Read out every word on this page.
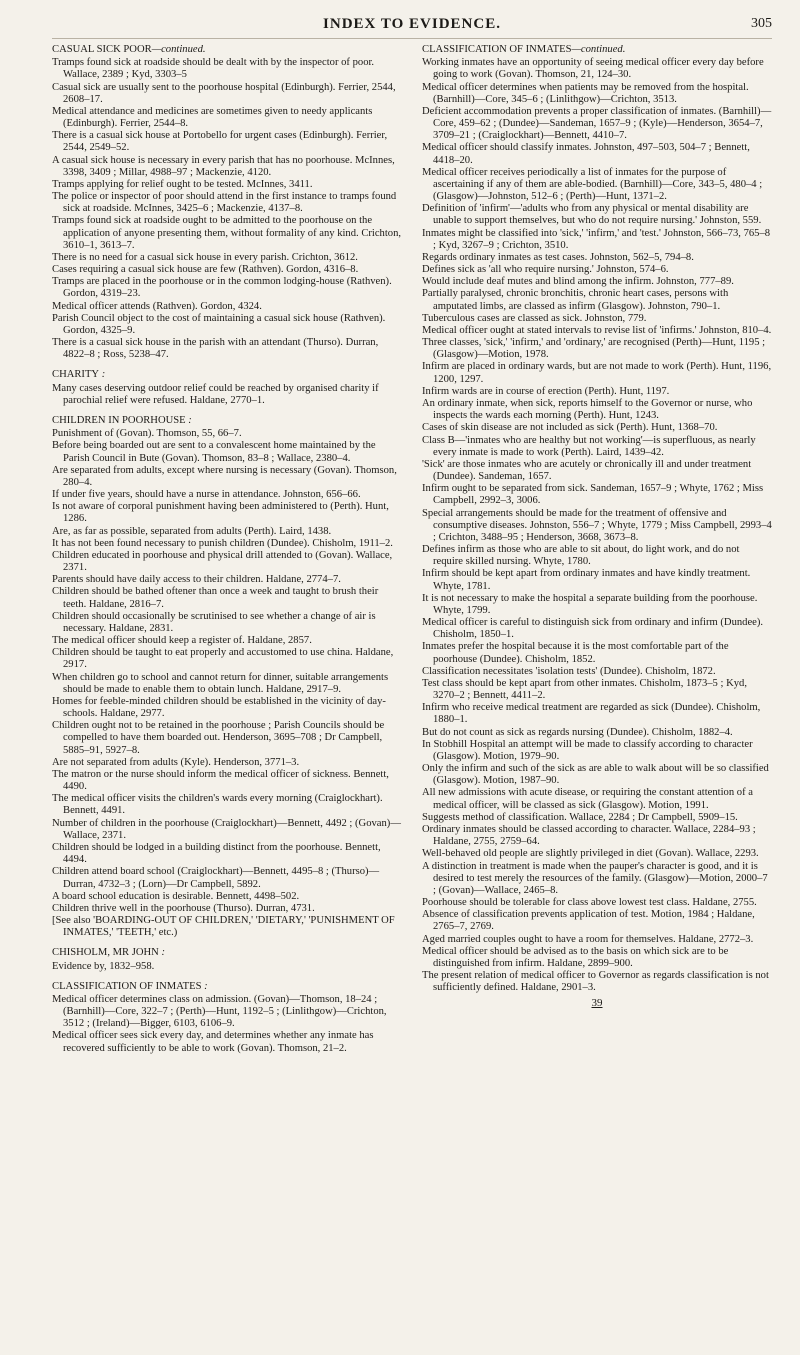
INDEX TO EVIDENCE.	305
CASUAL SICK POOR—continued.

Tramps found sick at roadside should be dealt with by the inspector of poor. Wallace, 2389 ; Kyd, 3303–5

Casual sick are usually sent to the poorhouse hospital (Edinburgh). Ferrier, 2544, 2608–17.

Medical attendance and medicines are sometimes given to needy applicants (Edinburgh). Ferrier, 2544–8.

There is a casual sick house at Portobello for urgent cases (Edinburgh). Ferrier, 2544, 2549–52.

A casual sick house is necessary in every parish that has no poorhouse. McInnes, 3398, 3409 ; Millar, 4988–97 ; Mackenzie, 4120.

Tramps applying for relief ought to be tested. McInnes, 3411.

The police or inspector of poor should attend in the first instance to tramps found sick at roadside. McInnes, 3425–6 ; Mackenzie, 4137–8.

Tramps found sick at roadside ought to be admitted to the poorhouse on the application of anyone presenting them, without formality of any kind. Crichton, 3610–1, 3613–7.

There is no need for a casual sick house in every parish. Crichton, 3612.

Cases requiring a casual sick house are few (Rathven). Gordon, 4316–8.

Tramps are placed in the poorhouse or in the common lodging-house (Rathven). Gordon, 4319–23.

Medical officer attends (Rathven). Gordon, 4324.

Parish Council object to the cost of maintaining a casual sick house (Rathven). Gordon, 4325–9.

There is a casual sick house in the parish with an attendant (Thurso). Durran, 4822–8 ; Ross, 5238–47.

CHARITY :

Many cases deserving outdoor relief could be reached by organised charity if parochial relief were refused. Haldane, 2770–1.

CHILDREN IN POORHOUSE :

Punishment of (Govan). Thomson, 55, 66–7.

Before being boarded out are sent to a convalescent home maintained by the Parish Council in Bute (Govan). Thomson, 83–8 ; Wallace, 2380–4.

Are separated from adults, except where nursing is necessary (Govan). Thomson, 280–4.

If under five years, should have a nurse in attendance. Johnston, 656–66.

Is not aware of corporal punishment having been administered to (Perth). Hunt, 1286.

Are, as far as possible, separated from adults (Perth). Laird, 1438.

It has not been found necessary to punish children (Dundee). Chisholm, 1911–2.

Children educated in poorhouse and physical drill attended to (Govan). Wallace, 2371.

Parents should have daily access to their children. Haldane, 2774–7.

Children should be bathed oftener than once a week and taught to brush their teeth. Haldane, 2816–7.

Children should occasionally be scrutinised to see whether a change of air is necessary. Haldane, 2831.

The medical officer should keep a register of. Haldane, 2857.

Children should be taught to eat properly and accustomed to use china. Haldane, 2917.

When children go to school and cannot return for dinner, suitable arrangements should be made to enable them to obtain lunch. Haldane, 2917–9.

Homes for feeble-minded children should be established in the vicinity of day-schools. Haldane, 2977.

Children ought not to be retained in the poorhouse ; Parish Councils should be compelled to have them boarded out. Henderson, 3695–708 ; Dr Campbell, 5885–91, 5927–8.

Are not separated from adults (Kyle). Henderson, 3771–3.

The matron or the nurse should inform the medical officer of sickness. Bennett, 4490.

The medical officer visits the children's wards every morning (Craiglockhart). Bennett, 4491.

Number of children in the poorhouse (Craiglockhart)—Bennett, 4492 ; (Govan)—Wallace, 2371.

Children should be lodged in a building distinct from the poorhouse. Bennett, 4494.

Children attend board school (Craiglockhart)—Bennett, 4495–8 ; (Thurso)—Durran, 4732–3 ; (Lorn)—Dr Campbell, 5892.

A board school education is desirable. Bennett, 4498–502.

Children thrive well in the poorhouse (Thurso). Durran, 4731.

[See also 'BOARDING-OUT OF CHILDREN,' 'DIETARY,' 'PUNISHMENT OF INMATES,' 'TEETH,' etc.)

CHISHOLM, MR JOHN :

Evidence by, 1832–958.

CLASSIFICATION OF INMATES :

Medical officer determines class on admission. (Govan)—Thomson, 18–24 ; (Barnhill)—Core, 322–7 ; (Perth)—Hunt, 1192–5 ; (Linlithgow)—Crichton, 3512 ; (Ireland)—Bigger, 6103, 6106–9.

Medical officer sees sick every day, and determines whether any inmate has recovered sufficiently to be able to work (Govan). Thomson, 21–2.

CLASSIFICATION OF INMATES—continued.

Working inmates have an opportunity of seeing medical officer every day before going to work (Govan). Thomson, 21, 124–30.

Medical officer determines when patients may be removed from the hospital. (Barnhill)—Core, 345–6 ; (Linlithgow)—Crichton, 3513.

Deficient accommodation prevents a proper classification of inmates. (Barnhill)—Core, 459–62 ; (Dundee)—Sandeman, 1657–9 ; (Kyle)—Henderson, 3654–7, 3709–21 ; (Craiglockhart)—Bennett, 4410–7.

Medical officer should classify inmates. Johnston, 497–503, 504–7 ; Bennett, 4418–20.

Medical officer receives periodically a list of inmates for the purpose of ascertaining if any of them are able-bodied. (Barnhill)—Core, 343–5, 480–4 ; (Glasgow)—Johnston, 512–6 ; (Perth)—Hunt, 1371–2.

Definition of 'infirm'—'adults who from any physical or mental disability are unable to support themselves, but who do not require nursing.' Johnston, 559.

Inmates might be classified into 'sick,' 'infirm,' and 'test.' Johnston, 566–73, 765–8 ; Kyd, 3267–9 ; Crichton, 3510.

Regards ordinary inmates as test cases. Johnston, 562–5, 794–8.

Defines sick as 'all who require nursing.' Johnston, 574–6.

Would include deaf mutes and blind among the infirm. Johnston, 777–89.

Partially paralysed, chronic bronchitis, chronic heart cases, persons with amputated limbs, are classed as infirm (Glasgow). Johnston, 790–1.

Tuberculous cases are classed as sick. Johnston, 779.

Medical officer ought at stated intervals to revise list of 'infirms.' Johnston, 810–4.

Three classes, 'sick,' 'infirm,' and 'ordinary,' are recognised (Perth)—Hunt, 1195 ; (Glasgow)—Motion, 1978.

Infirm are placed in ordinary wards, but are not made to work (Perth). Hunt, 1196, 1200, 1297.

Infirm wards are in course of erection (Perth). Hunt, 1197.

An ordinary inmate, when sick, reports himself to the Governor or nurse, who inspects the wards each morning (Perth). Hunt, 1243.

Cases of skin disease are not included as sick (Perth). Hunt, 1368–70.

Class B—'inmates who are healthy but not working'—is superfluous, as nearly every inmate is made to work (Perth). Laird, 1439–42.

'Sick' are those inmates who are acutely or chronically ill and under treatment (Dundee). Sandeman, 1657.

Infirm ought to be separated from sick. Sandeman, 1657–9 ; Whyte, 1762 ; Miss Campbell, 2992–3, 3006.

Special arrangements should be made for the treatment of offensive and consumptive diseases. Johnston, 556–7 ; Whyte, 1779 ; Miss Campbell, 2993–4 ; Crichton, 3488–95 ; Henderson, 3668, 3673–8.

Defines infirm as those who are able to sit about, do light work, and do not require skilled nursing. Whyte, 1780.

Infirm should be kept apart from ordinary inmates and have kindly treatment. Whyte, 1781.

It is not necessary to make the hospital a separate building from the poorhouse. Whyte, 1799.

Medical officer is careful to distinguish sick from ordinary and infirm (Dundee). Chisholm, 1850–1.

Inmates prefer the hospital because it is the most comfortable part of the poorhouse (Dundee). Chisholm, 1852.

Classification necessitates 'isolation tests' (Dundee). Chisholm, 1872.

Test class should be kept apart from other inmates. Chisholm, 1873–5 ; Kyd, 3270–2 ; Bennett, 4411–2.

Infirm who receive medical treatment are regarded as sick (Dundee). Chisholm, 1880–1.

But do not count as sick as regards nursing (Dundee). Chisholm, 1882–4.

In Stobhill Hospital an attempt will be made to classify according to character (Glasgow). Motion, 1979–90.

Only the infirm and such of the sick as are able to walk about will be so classified (Glasgow). Motion, 1987–90.

All new admissions with acute disease, or requiring the constant attention of a medical officer, will be classed as sick (Glasgow). Motion, 1991.

Suggests method of classification. Wallace, 2284 ; Dr Campbell, 5909–15.

Ordinary inmates should be classed according to character. Wallace, 2284–93 ; Haldane, 2755, 2759–64.

Well-behaved old people are slightly privileged in diet (Govan). Wallace, 2293.

A distinction in treatment is made when the pauper's character is good, and it is desired to test merely the resources of the family. (Glasgow)—Motion, 2000–7 ; (Govan)—Wallace, 2465–8.

Poorhouse should be tolerable for class above lowest test class. Haldane, 2755.

Absence of classification prevents application of test. Motion, 1984 ; Haldane, 2765–7, 2769.

Aged married couples ought to have a room for themselves. Haldane, 2772–3.

Medical officer should be advised as to the basis on which sick are to be distinguished from infirm. Haldane, 2899–900.

The present relation of medical officer to Governor as regards classification is not sufficiently defined. Haldane, 2901–3.

39
